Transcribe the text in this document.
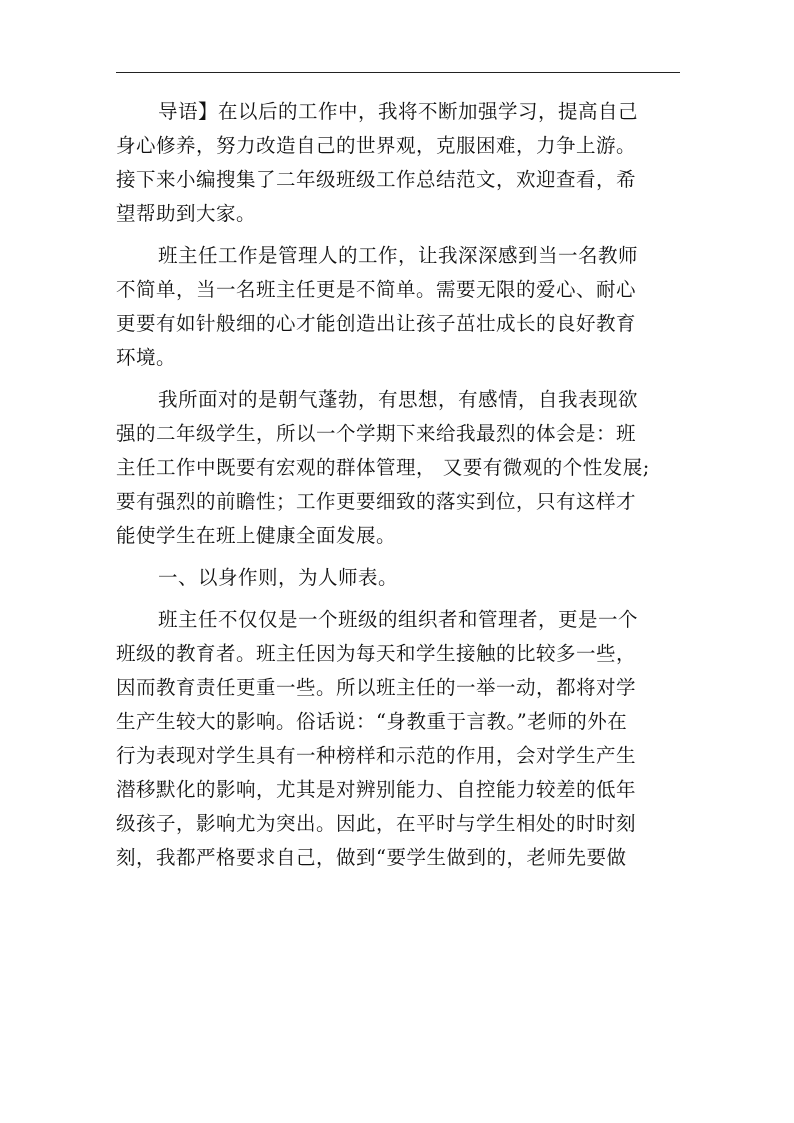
导语】在以后的工作中，我将不断加强学习，提高自己
身心修养，努力改造自己的世界观，克服困难，力争上游。
接下来小编搜集了二年级班级工作总结范文，欢迎查看，希
望帮助到大家。
班主任工作是管理人的工作，让我深深感到当一名教师
不简单，当一名班主任更是不简单。需要无限的爱心、耐心
更要有如针般细的心才能创造出让孩子茁壮成长的良好教育
环境。
我所面对的是朝气蓬勃，有思想，有感情，自我表现欲
强的二年级学生，所以一个学期下来给我最烈的体会是：班
主任工作中既要有宏观的群体管理， 又要有微观的个性发展;
要有强烈的前瞻性；工作更要细致的落实到位，只有这样才
能使学生在班上健康全面发展。
一、以身作则，为人师表。
班主任不仅仅是一个班级的组织者和管理者，更是一个
班级的教育者。班主任因为每天和学生接触的比较多一些，
因而教育责任更重一些。所以班主任的一举一动，都将对学
生产生较大的影响。俗话说：“身教重于言教。”老师的外在
行为表现对学生具有一种榜样和示范的作用，会对学生产生
潜移默化的影响，尤其是对辨别能力、自控能力较差的低年
级孩子，影响尤为突出。因此，在平时与学生相处的时时刻
刻，我都严格要求自己，做到“要学生做到的，老师先要做
